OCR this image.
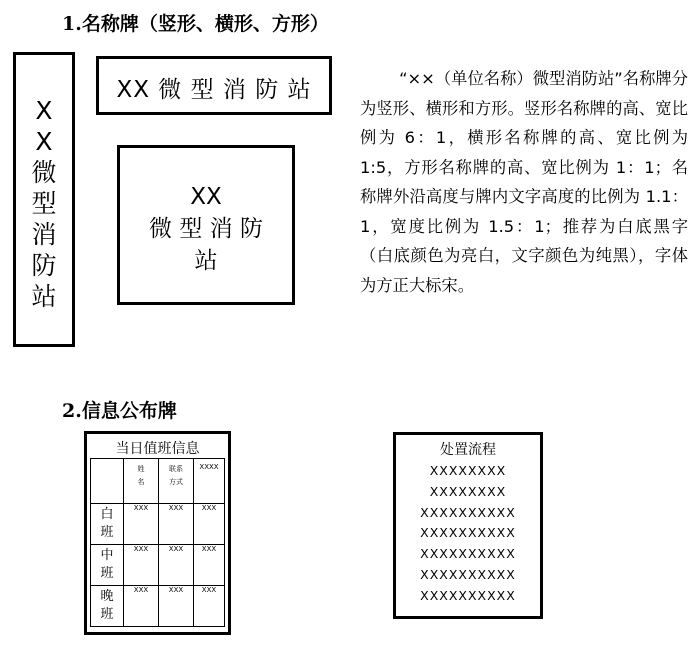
1.名称牌（竖形、横形、方形）
X
X
微
型
消
防
站
XX 微 型 消 防 站
XX
微 型 消 防
站

“××（单位名称）微型消防站”名称牌分为竖形、横形和方形。竖形名称牌的高、宽比例为 6：1，横形名称牌的高、宽比例为 1:5，方形名称牌的高、宽比例为 1：1；名称牌外沿高度与牌内文字高度的比例为 1.1：1，宽度比例为 1.5：1；推荐为白底黑字（白底颜色为亮白，文字颜色为纯黑），字体为方正大标宋。

2.信息公布牌
当日值班信息
	姓名	联系方式	XXXX
白班	XXX	XXX	XXX
中班	XXX	XXX	XXX
晚班	XXX	XXX	XXX
处置流程
XXXXXXXX
XXXXXXXX
XXXXXXXXXX
XXXXXXXXXX
XXXXXXXXXX
XXXXXXXXXX
XXXXXXXXXX
